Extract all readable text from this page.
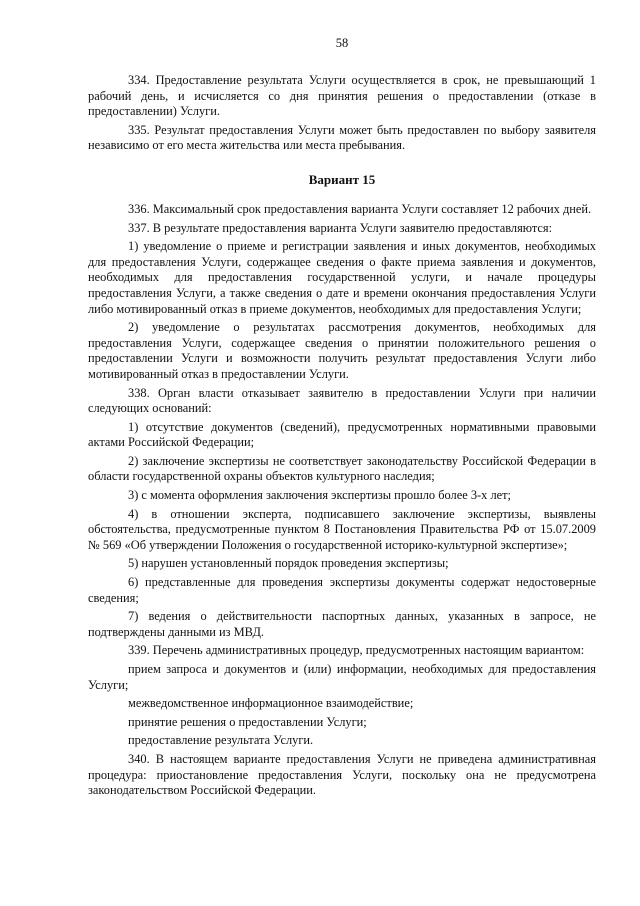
58

334. Предоставление результата Услуги осуществляется в срок, не превышающий 1 рабочий день, и исчисляется со дня принятия решения о предоставлении (отказе в предоставлении) Услуги.

335. Результат предоставления Услуги может быть предоставлен по выбору заявителя независимо от его места жительства или места пребывания.

Вариант 15

336. Максимальный срок предоставления варианта Услуги составляет 12 рабочих дней.

337. В результате предоставления варианта Услуги заявителю предоставляются:

1) уведомление о приеме и регистрации заявления и иных документов, необходимых для предоставления Услуги, содержащее сведения о факте приема заявления и документов, необходимых для предоставления государственной услуги, и начале процедуры предоставления Услуги, а также сведения о дате и времени окончания предоставления Услуги либо мотивированный отказ в приеме документов, необходимых для предоставления Услуги;

2) уведомление о результатах рассмотрения документов, необходимых для предоставления Услуги, содержащее сведения о принятии положительного решения о предоставлении Услуги и возможности получить результат предоставления Услуги либо мотивированный отказ в предоставлении Услуги.

338. Орган власти отказывает заявителю в предоставлении Услуги при наличии следующих оснований:

1) отсутствие документов (сведений), предусмотренных нормативными правовыми актами Российской Федерации;

2) заключение экспертизы не соответствует законодательству Российской Федерации в области государственной охраны объектов культурного наследия;

3) с момента оформления заключения экспертизы прошло более 3-х лет;

4) в отношении эксперта, подписавшего заключение экспертизы, выявлены обстоятельства, предусмотренные пунктом 8 Постановления Правительства РФ от 15.07.2009 № 569 «Об утверждении Положения о государственной историко-культурной экспертизе»;

5) нарушен установленный порядок проведения экспертизы;

6) представленные для проведения экспертизы документы содержат недостоверные сведения;

7) ведения о действительности паспортных данных, указанных в запросе, не подтверждены данными из МВД.

339. Перечень административных процедур, предусмотренных настоящим вариантом:

прием запроса и документов и (или) информации, необходимых для предоставления Услуги;

межведомственное информационное взаимодействие;

принятие решения о предоставлении Услуги;

предоставление результата Услуги.

340. В настоящем варианте предоставления Услуги не приведена административная процедура: приостановление предоставления Услуги, поскольку она не предусмотрена законодательством Российской Федерации.
